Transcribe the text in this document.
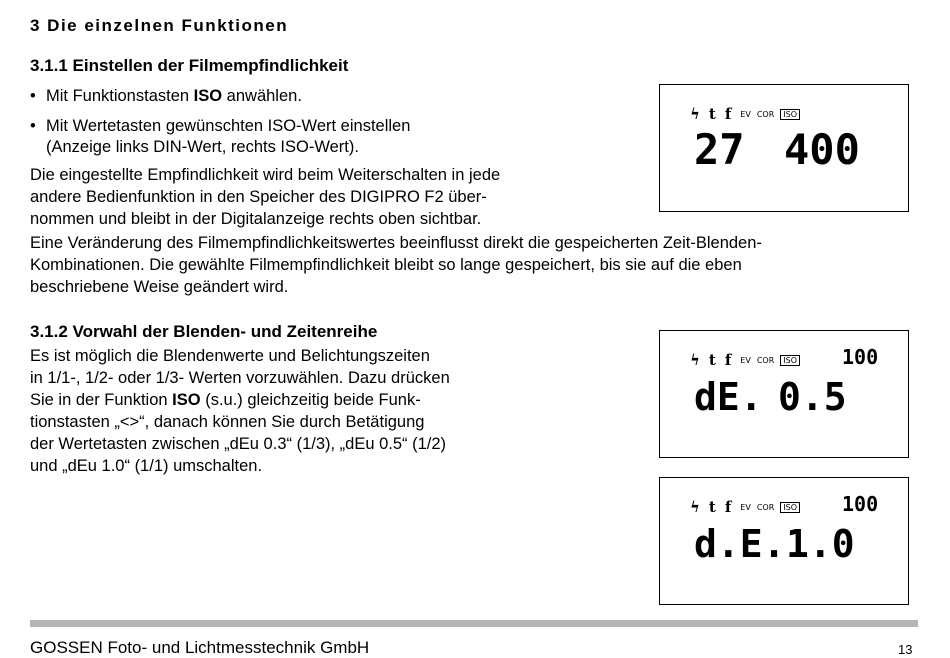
3 Die einzelnen Funktionen
3.1.1 Einstellen der Filmempfindlichkeit
• Mit Funktionstasten ISO anwählen.
• Mit Wertetasten gewünschten ISO-Wert einstellen
(Anzeige links DIN-Wert, rechts ISO-Wert).
Die eingestellte Empfindlichkeit wird beim Weiterschalten in jede
andere Bedienfunktion in den Speicher des DIGIPRO F2 über-
nommen und bleibt in der Digitalanzeige rechts oben sichtbar.
Eine Veränderung des Filmempfindlichkeitswertes beeinflusst direkt die gespeicherten Zeit-Blenden-
Kombinationen. Die gewählte Filmempfindlichkeit bleibt so lange gespeichert, bis sie auf die eben
beschriebene Weise geändert wird.
3.1.2 Vorwahl der Blenden- und Zeitenreihe
Es ist möglich die Blendenwerte und Belichtungszeiten
in 1/1-, 1/2- oder 1/3- Werten vorzuwählen. Dazu drücken
Sie in der Funktion ISO (s.u.) gleichzeitig beide Funk-
tionstasten „<>“, danach können Sie durch Betätigung
der Wertetasten zwischen „dEu 0.3“ (1/3), „dEu 0.5“ (1/2)
und „dEu 1.0“ (1/1) umschalten.
ϟ t f EV COR ISO
27 400
ϟ t f EV COR ISO	100
dE. 0.5
ϟ t f EV COR ISO	100
d.E. 1.0
GOSSEN Foto- und Lichtmesstechnik GmbH	13
